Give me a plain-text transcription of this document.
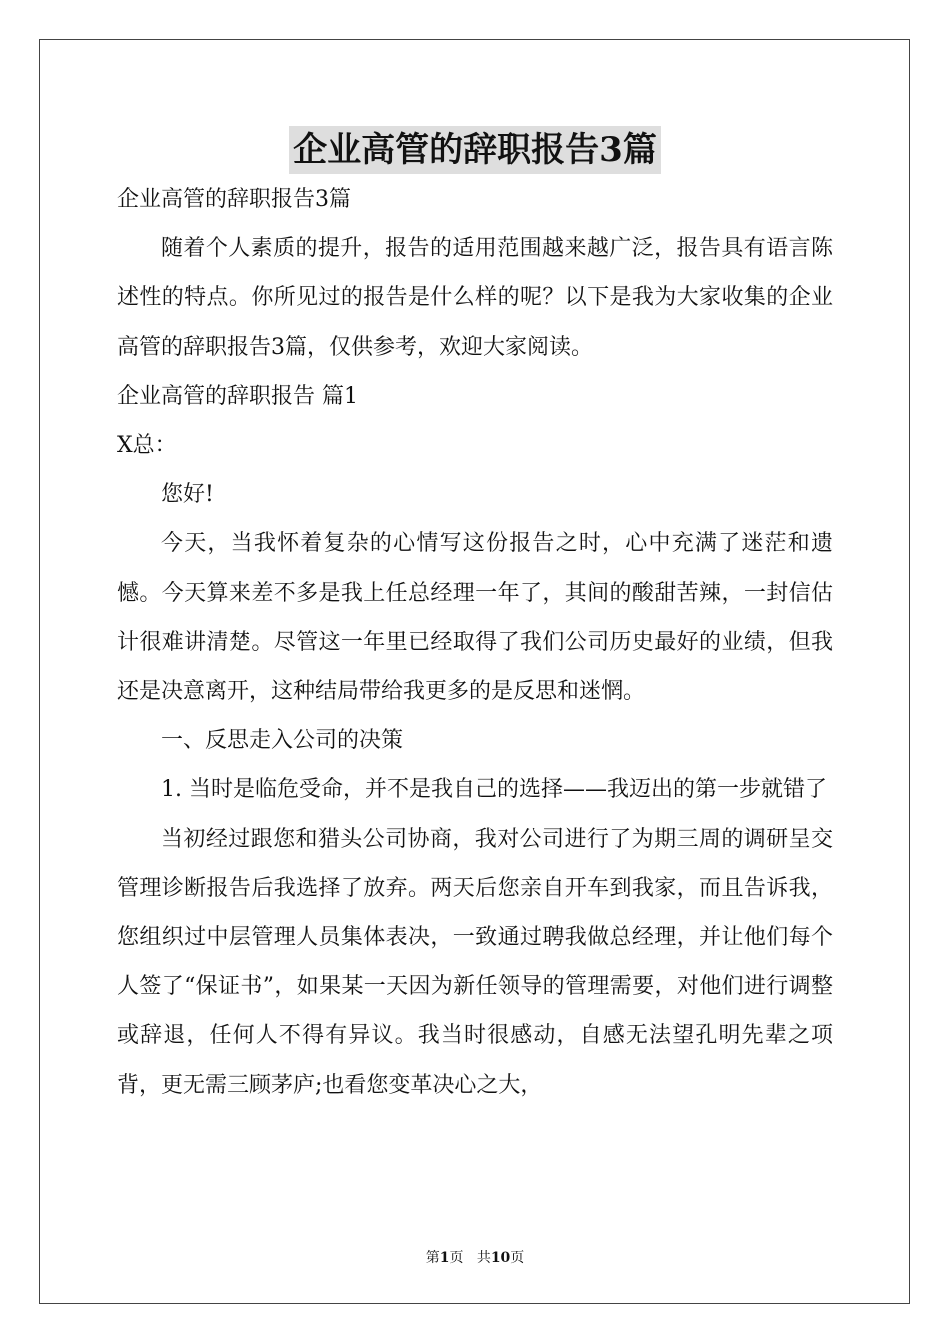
企业高管的辞职报告3篇

企业高管的辞职报告3篇

随着个人素质的提升，报告的适用范围越来越广泛，报告具有语言陈述性的特点。你所见过的报告是什么样的呢？以下是我为大家收集的企业高管的辞职报告3篇，仅供参考，欢迎大家阅读。

企业高管的辞职报告 篇1

X总：

您好!

今天，当我怀着复杂的心情写这份报告之时，心中充满了迷茫和遗憾。今天算来差不多是我上任总经理一年了，其间的酸甜苦辣，一封信估计很难讲清楚。尽管这一年里已经取得了我们公司历史最好的业绩，但我还是决意离开，这种结局带给我更多的是反思和迷惘。

一、反思走入公司的决策

1. 当时是临危受命，并不是我自己的选择——我迈出的第一步就错了

当初经过跟您和猎头公司协商，我对公司进行了为期三周的调研呈交管理诊断报告后我选择了放弃。两天后您亲自开车到我家，而且告诉我，您组织过中层管理人员集体表决，一致通过聘我做总经理，并让他们每个人签了“保证书”，如果某一天因为新任领导的管理需要，对他们进行调整或辞退，任何人不得有异议。我当时很感动，自感无法望孔明先辈之项背，更无需三顾茅庐;也看您变革决心之大，

第1页 共10页
